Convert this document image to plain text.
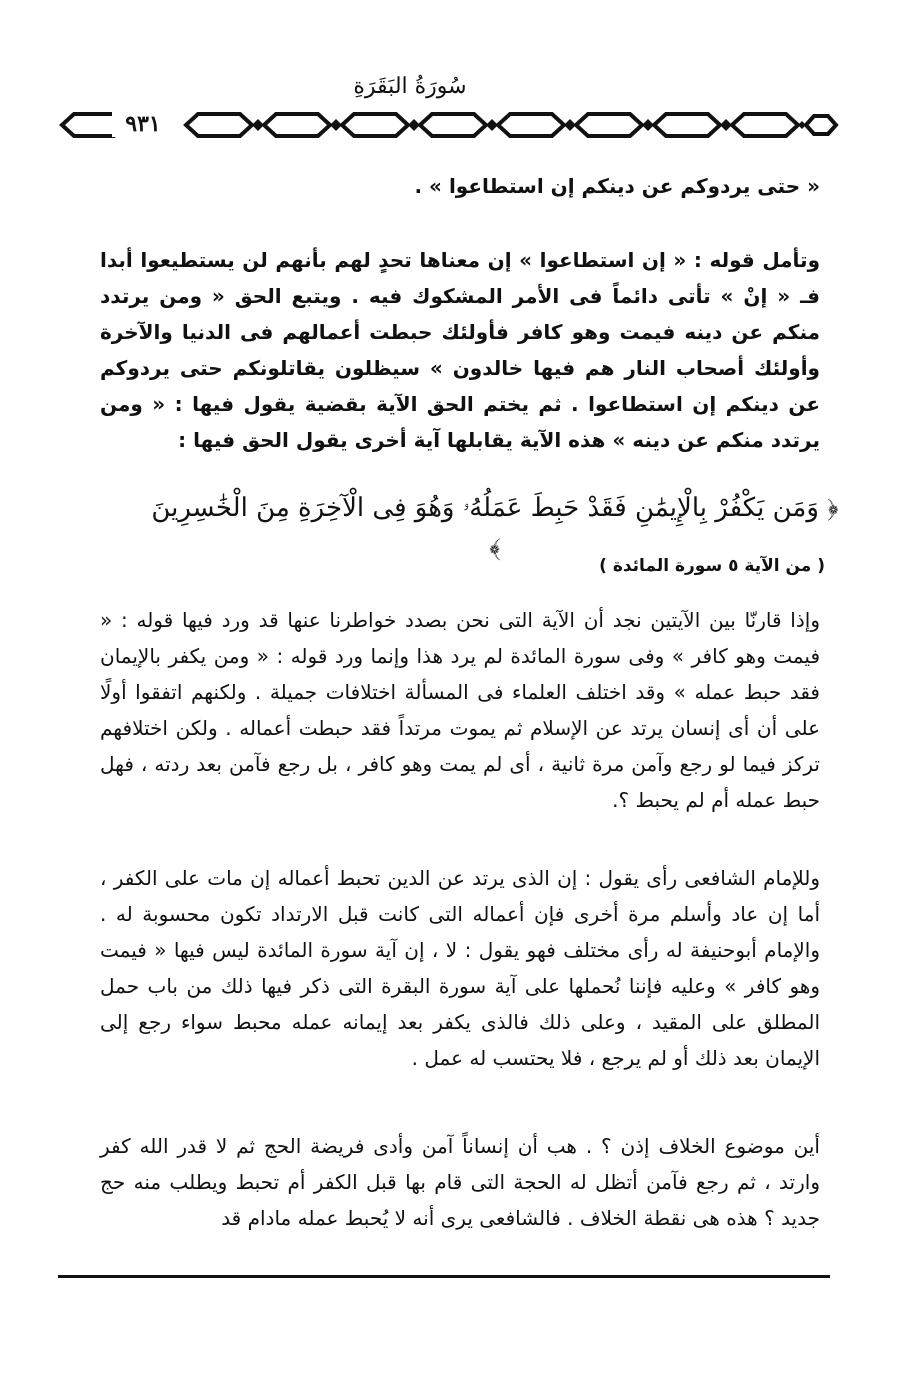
سُورَةُ البَقَرَةِ
٩٣١
« حتى يردوكم عن دينكم إن استطاعوا » .

وتأمل قوله : « إن استطاعوا » إن معناها تحدٍ لهم بأنهم لن يستطيعوا أبدا فـ « إنْ » تأتى دائماً فى الأمر المشكوك فيه . ويتبع الحق « ومن يرتدد منكم عن دينه فيمت وهو كافر فأولئك حبطت أعمالهم فى الدنيا والآخرة وأولئك أصحاب النار هم فيها خالدون » سيظلون يقاتلونكم حتى يردوكم عن دينكم إن استطاعوا . ثم يختم الحق الآية بقضية يقول فيها : « ومن يرتدد منكم عن دينه » هذه الآية يقابلها آية أخرى يقول الحق فيها :

﴿ وَمَن يَكْفُرْ بِالْإِيمَٰنِ فَقَدْ حَبِطَ عَمَلُهُۥ وَهُوَ فِى الْآخِرَةِ مِنَ الْخَٰسِرِينَ ﴾
( من الآية ٥ سورة المائدة )

وإذا قارنّا بين الآيتين نجد أن الآية التى نحن بصدد خواطرنا عنها قد ورد فيها قوله : « فيمت وهو كافر » وفى سورة المائدة لم يرد هذا وإنما ورد قوله : « ومن يكفر بالإيمان فقد حبط عمله » وقد اختلف العلماء فى المسألة اختلافات جميلة . ولكنهم اتفقوا أولًا على أن أى إنسان يرتد عن الإسلام ثم يموت مرتداً فقد حبطت أعماله . ولكن اختلافهم تركز فيما لو رجع وآمن مرة ثانية ، أى لم يمت وهو كافر ، بل رجع فآمن بعد ردته ، فهل حبط عمله أم لم يحبط ؟.

وللإمام الشافعى رأى يقول : إن الذى يرتد عن الدين تحبط أعماله إن مات على الكفر ، أما إن عاد وأسلم مرة أخرى فإن أعماله التى كانت قبل الارتداد تكون محسوبة له . والإمام أبوحنيفة له رأى مختلف فهو يقول : لا ، إن آية سورة المائدة ليس فيها « فيمت وهو كافر » وعليه فإننا نُحملها على آية سورة البقرة التى ذكر فيها ذلك من باب حمل المطلق على المقيد ، وعلى ذلك فالذى يكفر بعد إيمانه عمله محبط سواء رجع إلى الإيمان بعد ذلك أو لم يرجع ، فلا يحتسب له عمل .

أين موضوع الخلاف إذن ؟ . هب أن إنساناً آمن وأدى فريضة الحج ثم لا قدر الله كفر وارتد ، ثم رجع فآمن أتظل له الحجة التى قام بها قبل الكفر أم تحبط ويطلب منه حج جديد ؟ هذه هى نقطة الخلاف . فالشافعى يرى أنه لا يُحبط عمله مادام قد
